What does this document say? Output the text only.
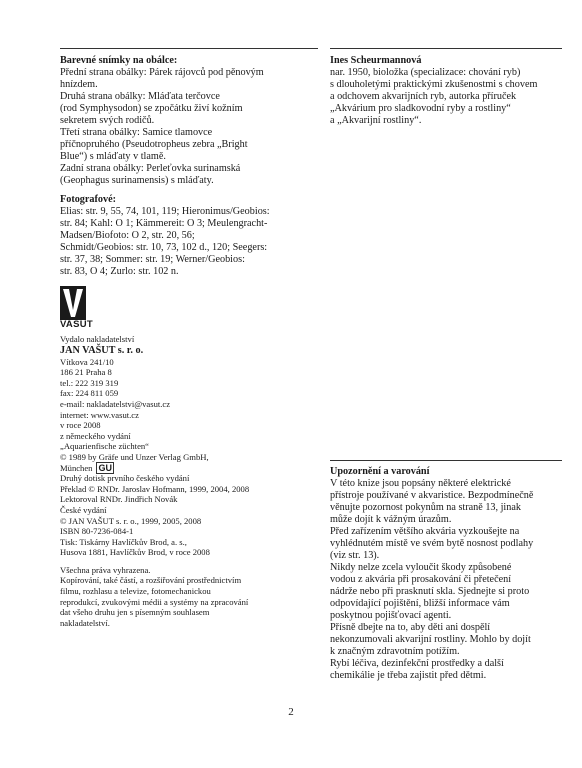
Barevné snímky na obálce:

Přední strana obálky: Párek rájovců pod pěnovým

hnízdem.

Druhá strana obálky: Mláďata terčovce

(rod Symphysodon) se zpočátku živí kožním

sekretem svých rodičů.

Třetí strana obálky: Samice tlamovce

příčnopruhého (Pseudotropheus zebra „Bright

Blue“) s mláďaty v tlamě.

Zadní strana obálky: Perleťovka surinamská

(Geophagus surinamensis) s mláďaty.

Fotografové:

Elias: str. 9, 55, 74, 101, 119; Hieronimus/Geobios:

str. 84; Kahl: O 1; Kämmereit: O 3; Meulengracht-

Madsen/Biofoto: O 2, str. 20, 56;

Schmidt/Geobios: str. 10, 73, 102 d., 120; Seegers:

str. 37, 38; Sommer: str. 19; Werner/Geobios:

str. 83, O 4; Zurlo: str. 102 n.

VAŠUT

Vydalo nakladatelství

JAN VAŠUT s. r. o.

Vítkova 241/10

186 21 Praha 8

tel.: 222 319 319

fax: 224 811 059

e-mail: nakladatelstvi@vasut.cz

internet: www.vasut.cz

v roce 2008

z německého vydání

„Aquarienfische züchten“

© 1989 by Gräfe und Unzer Verlag GmbH,

München GU

Druhý dotisk prvního českého vydání

Překlad © RNDr. Jaroslav Hofmann, 1999, 2004, 2008

Lektoroval RNDr. Jindřich Novák

České vydání

© JAN VAŠUT s. r. o., 1999, 2005, 2008

ISBN 80-7236-084-1

Tisk: Tiskárny Havlíčkův Brod, a. s.,

Husova 1881, Havlíčkův Brod, v roce 2008

Všechna práva vyhrazena.

Kopírování, také částí, a rozšiřování prostřednictvím

filmu, rozhlasu a televize, fotomechanickou

reprodukcí, zvukovými médii a systémy na zpracování

dat všeho druhu jen s písemným souhlasem

nakladatelství.

Ines Scheurmannová

nar. 1950, bioložka (specializace: chování ryb)

s dlouholetými praktickými zkušenostmi s chovem

a odchovem akvarijních ryb, autorka příruček

„Akvárium pro sladkovodní ryby a rostliny“

a „Akvarijní rostliny“.

Upozornění a varování

V této knize jsou popsány některé elektrické

přístroje používané v akvaristice. Bezpodmínečně

věnujte pozornost pokynům na straně 13, jinak

může dojít k vážným úrazům.

Před zařízením většího akvária vyzkoušejte na

vyhlédnutém místě ve svém bytě nosnost podlahy

(viz str. 13).

Nikdy nelze zcela vyloučit škody způsobené

vodou z akvária při prosakování či přetečení

nádrže nebo při prasknutí skla. Sjednejte si proto

odpovídající pojištění, bližší informace vám

poskytnou pojišťovací agenti.

Přísně dbejte na to, aby děti ani dospělí

nekonzumovali akvarijní rostliny. Mohlo by dojít

k značným zdravotním potížím.

Rybí léčiva, dezinfekční prostředky a další

chemikálie je třeba zajistit před dětmi.

2
